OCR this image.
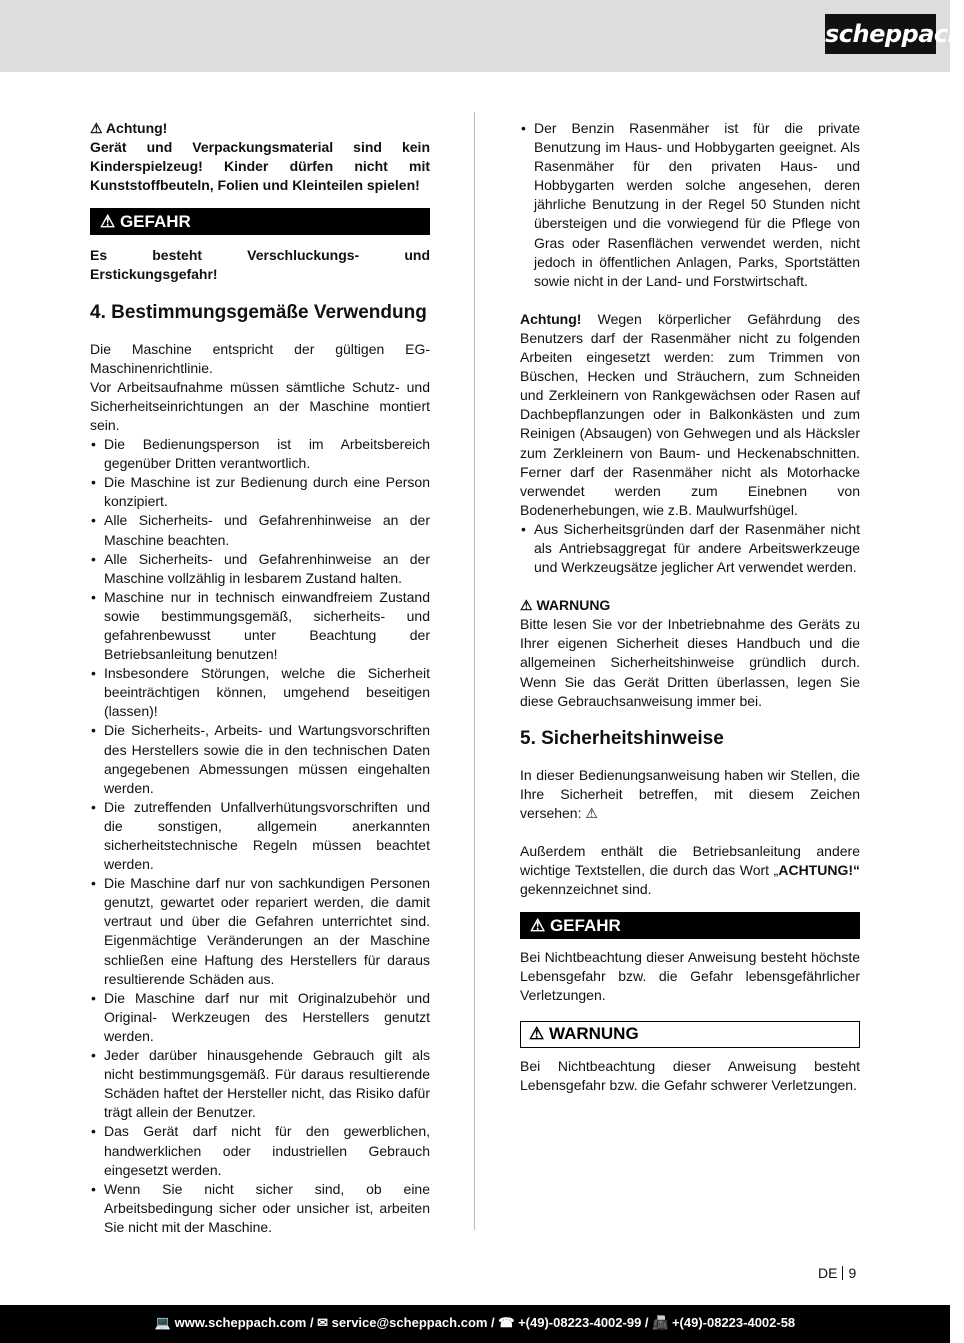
scheppach

⚠ Achtung!

Gerät und Verpackungsmaterial sind kein Kinderspielzeug! Kinder dürfen nicht mit Kunststoffbeuteln, Folien und Kleinteilen spielen!

⚠ GEFAHR

Es besteht Verschluckungs- und Erstickungsgefahr!

4. Bestimmungsgemäße Verwendung

Die Maschine entspricht der gültigen EG-Maschinenrichtlinie.

Vor Arbeitsaufnahme müssen sämtliche Schutz- und Sicherheitseinrichtungen an der Maschine montiert sein.

• Die Bedienungsperson ist im Arbeitsbereich gegenüber Dritten verantwortlich.
• Die Maschine ist zur Bedienung durch eine Person konzipiert.
• Alle Sicherheits- und Gefahrenhinweise an der Maschine beachten.
• Alle Sicherheits- und Gefahrenhinweise an der Maschine vollzählig in lesbarem Zustand halten.
• Maschine nur in technisch einwandfreiem Zustand sowie bestimmungsgemäß, sicherheits- und gefahrenbewusst unter Beachtung der Betriebsanleitung benutzen!
• Insbesondere Störungen, welche die Sicherheit beeinträchtigen können, umgehend beseitigen (lassen)!
• Die Sicherheits-, Arbeits- und Wartungsvorschriften des Herstellers sowie die in den technischen Daten angegebenen Abmessungen müssen eingehalten werden.
• Die zutreffenden Unfallverhütungsvorschriften und die sonstigen, allgemein anerkannten sicherheitstechnische Regeln müssen beachtet werden.
• Die Maschine darf nur von sachkundigen Personen genutzt, gewartet oder repariert werden, die damit vertraut und über die Gefahren unterrichtet sind. Eigenmächtige Veränderungen an der Maschine schließen eine Haftung des Herstellers für daraus resultierende Schäden aus.
• Die Maschine darf nur mit Originalzubehör und Original- Werkzeugen des Herstellers genutzt werden.
• Jeder darüber hinausgehende Gebrauch gilt als nicht bestimmungsgemäß. Für daraus resultierende Schäden haftet der Hersteller nicht, das Risiko dafür trägt allein der Benutzer.
• Das Gerät darf nicht für den gewerblichen, handwerklichen oder industriellen Gebrauch eingesetzt werden.
• Wenn Sie nicht sicher sind, ob eine Arbeitsbedingung sicher oder unsicher ist, arbeiten Sie nicht mit der Maschine.
• Der Benzin Rasenmäher ist für die private Benutzung im Haus- und Hobbygarten geeignet. Als Rasenmäher für den privaten Haus- und Hobbygarten werden solche angesehen, deren jährliche Benutzung in der Regel 50 Stunden nicht übersteigen und die vorwiegend für die Pflege von Gras oder Rasenflächen verwendet werden, nicht jedoch in öffentlichen Anlagen, Parks, Sportstätten sowie nicht in der Land- und Forstwirtschaft.

Achtung! Wegen körperlicher Gefährdung des Benutzers darf der Rasenmäher nicht zu folgenden Arbeiten eingesetzt werden: zum Trimmen von Büschen, Hecken und Sträuchern, zum Schneiden und Zerkleinern von Rankgewächsen oder Rasen auf Dachbepflanzungen oder in Balkonkästen und zum Reinigen (Absaugen) von Gehwegen und als Häcksler zum Zerkleinern von Baum- und Heckenabschnitten. Ferner darf der Rasenmäher nicht als Motorhacke verwendet werden zum Einebnen von Bodenerhebungen, wie z.B. Maulwurfshügel.

• Aus Sicherheitsgründen darf der Rasenmäher nicht als Antriebsaggregat für andere Arbeitswerkzeuge und Werkzeugsätze jeglicher Art verwendet werden.

⚠ WARNUNG

Bitte lesen Sie vor der Inbetriebnahme des Geräts zu Ihrer eigenen Sicherheit dieses Handbuch und die allgemeinen Sicherheitshinweise gründlich durch. Wenn Sie das Gerät Dritten überlassen, legen Sie diese Gebrauchsanweisung immer bei.

5. Sicherheitshinweise

In dieser Bedienungsanweisung haben wir Stellen, die Ihre Sicherheit betreffen, mit diesem Zeichen versehen: ⚠

Außerdem enthält die Betriebsanleitung andere wichtige Textstellen, die durch das Wort „ACHTUNG!“ gekennzeichnet sind.

⚠ GEFAHR

Bei Nichtbeachtung dieser Anweisung besteht höchste Lebensgefahr bzw. die Gefahr lebensgefährlicher Verletzungen.

⚠ WARNUNG

Bei Nichtbeachtung dieser Anweisung besteht Lebensgefahr bzw. die Gefahr schwerer Verletzungen.

DE 9
💻 www.scheppach.com / ✉ service@scheppach.com / ☎ +(49)-08223-4002-99 / 📠 +(49)-08223-4002-58
